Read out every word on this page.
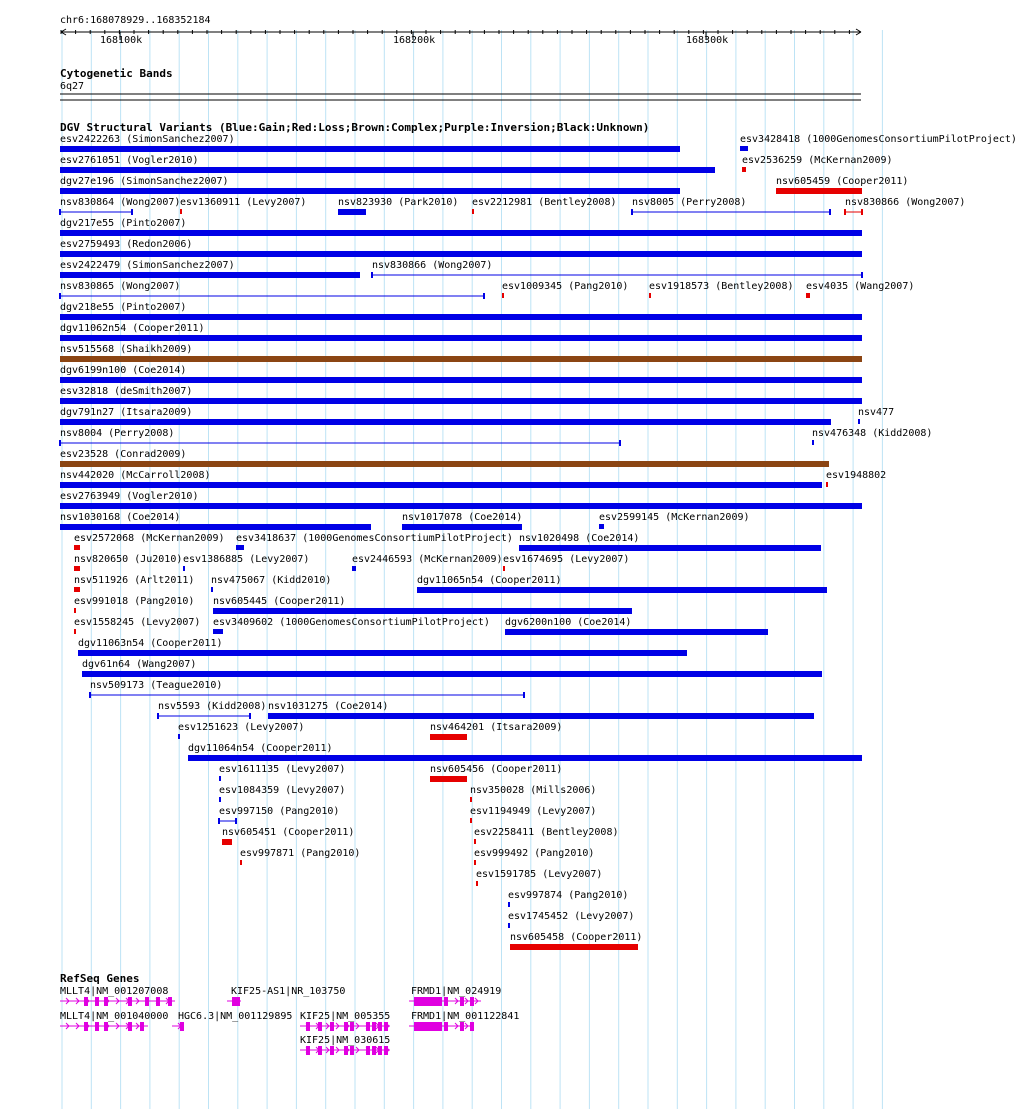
chr6:168078929..168352184
168100k	168200k	168300k
Cytogenetic Bands
6q27
DGV Structural Variants (Blue:Gain;Red:Loss;Brown:Complex;Purple:Inversion;Black:Unknown)
esv2422263 (SimonSanchez2007)	esv3428418 (1000GenomesConsortiumPilotProject)
esv2761051 (Vogler2010)	esv2536259 (McKernan2009)
dgv27e196 (SimonSanchez2007)	nsv605459 (Cooper2011)
nsv830864 (Wong2007) esv1360911 (Levy2007)	nsv823930 (Park2010) esv2212981 (Bentley2008) nsv8005 (Perry2008)	nsv830866 (Wong2007)
dgv217e55 (Pinto2007)
esv2759493 (Redon2006)
esv2422479 (SimonSanchez2007)	nsv830866 (Wong2007)
nsv830865 (Wong2007)	esv1009345 (Pang2010) esv1918573 (Bentley2008) esv4035 (Wang2007)
dgv218e55 (Pinto2007)
dgv11062n54 (Cooper2011)
nsv515568 (Shaikh2009)
dgv6199n100 (Coe2014)
esv32818 (deSmith2007)
dgv791n27 (Itsara2009)	nsv477
nsv8004 (Perry2008)	nsv476348 (Kidd2008)
esv23528 (Conrad2009)
nsv442020 (McCarroll2008)	esv1948802
esv2763949 (Vogler2010)
nsv1030168 (Coe2014)	nsv1017078 (Coe2014)	esv2599145 (McKernan2009)
esv2572068 (McKernan2009) esv3418637 (1000GenomesConsortiumPilotProject) nsv1020498 (Coe2014)
nsv820650 (Ju2010) esv1386885 (Levy2007)	esv2446593 (McKernan2009) esv1674695 (Levy2007)
nsv511926 (Arlt2011) nsv475067 (Kidd2010)	dgv11065n54 (Cooper2011)
esv991018 (Pang2010) nsv605445 (Cooper2011)
esv1558245 (Levy2007) esv3409602 (1000GenomesConsortiumPilotProject) dgv6200n100 (Coe2014)
dgv11063n54 (Cooper2011)
dgv61n64 (Wang2007)
nsv509173 (Teague2010)
nsv5593 (Kidd2008) nsv1031275 (Coe2014)
esv1251623 (Levy2007)	nsv464201 (Itsara2009)
dgv11064n54 (Cooper2011)
esv1611135 (Levy2007)	nsv605456 (Cooper2011)
esv1084359 (Levy2007)	nsv350028 (Mills2006)
esv997150 (Pang2010)	esv1194949 (Levy2007)
nsv605451 (Cooper2011)	esv2258411 (Bentley2008)
esv997871 (Pang2010)	esv999492 (Pang2010)
esv1591785 (Levy2007)
esv997874 (Pang2010)
esv1745452 (Levy2007)
nsv605458 (Cooper2011)
RefSeq Genes
MLLT4|NM_001207008	KIF25-AS1|NR_103750	FRMD1|NM_024919
MLLT4|NM_001040000 HGC6.3|NM_001129895 KIF25|NM_005355 FRMD1|NM_001122841
KIF25|NM_030615
